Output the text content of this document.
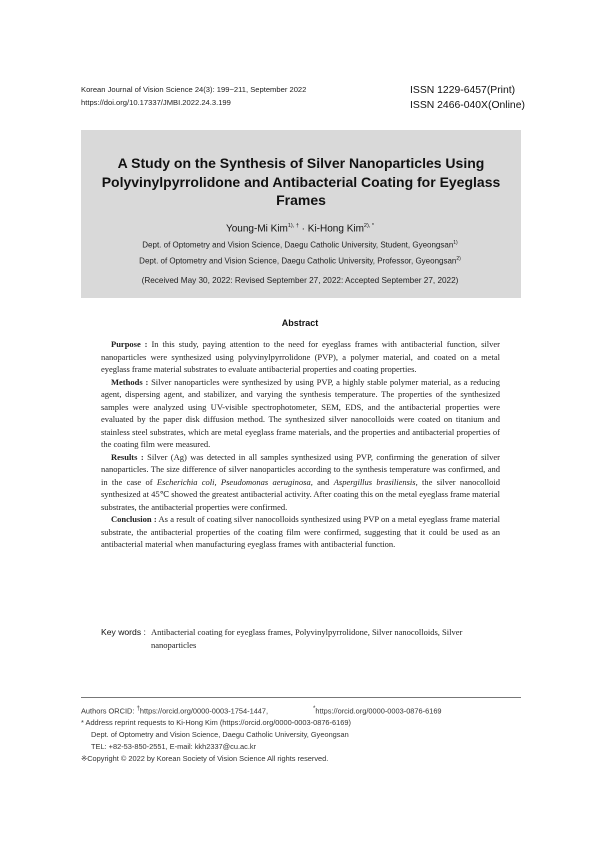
Korean Journal of Vision Science 24(3): 199~211, September 2022
https://doi.org/10.17337/JMBI.2022.24.3.199
ISSN 1229-6457(Print)
ISSN 2466-040X(Online)
A Study on the Synthesis of Silver Nanoparticles Using
Polyvinylpyrrolidone and Antibacterial Coating for Eyeglass
Frames
Young-Mi Kim$^{1), \dagger}$ · Ki-Hong Kim$^{2), *}$
Dept. of Optometry and Vision Science, Daegu Catholic University, Student, Gyeongsan$^{1)}$
Dept. of Optometry and Vision Science, Daegu Catholic University, Professor, Gyeongsan$^{2)}$
(Received May 30, 2022: Revised September 27, 2022: Accepted September 27, 2022)
Abstract

Purpose : In this study, paying attention to the need for eyeglass frames with antibacterial function, silver nanoparticles were synthesized using polyvinylpyrrolidone (PVP), a polymer material, and coated on a metal eyeglass frame material substrates to evaluate antibacterial properties and coating properties.

Methods : Silver nanoparticles were synthesized by using PVP, a highly stable polymer material, as a reducing agent, dispersing agent, and stabilizer, and varying the synthesis temperature. The properties of the synthesized samples were analyzed using UV-visible spectrophotometer, SEM, EDS, and the antibacterial properties were evaluated by the paper disk diffusion method. The synthesized silver nanocolloids were coated on titanium and stainless steel substrates, which are metal eyeglass frame materials, and the properties and antibacterial properties of the coating film were measured.

Results : Silver (Ag) was detected in all samples synthesized using PVP, confirming the generation of silver nanoparticles. The size difference of silver nanoparticles according to the synthesis temperature was confirmed, and in the case of Escherichia coli, Pseudomonas aeruginosa, and Aspergillus brasiliensis, the silver nanocolloid synthesized at 45℃ showed the greatest antibacterial activity. After coating this on the metal eyeglass frame material substrates, the antibacterial properties were confirmed.

Conclusion : As a result of coating silver nanocolloids synthesized using PVP on a metal eyeglass frame material substrate, the antibacterial properties of the coating film were confirmed, suggesting that it could be used as an antibacterial material when manufacturing eyeglass frames with antibacterial function.

Key words : Antibacterial coating for eyeglass frames, Polyvinylpyrrolidone, Silver nanocolloids, Silver nanoparticles
Authors ORCID: †https://orcid.org/0000-0003-1754-1447,	*https://orcid.org/0000-0003-0876-6169
* Address reprint requests to Ki-Hong Kim (https://orcid.org/0000-0003-0876-6169)
Dept. of Optometry and Vision Science, Daegu Catholic University, Gyeongsan
TEL: +82-53-850-2551, E-mail: kkh2337@cu.ac.kr
※Copyright © 2022 by Korean Society of Vision Science All rights reserved.
